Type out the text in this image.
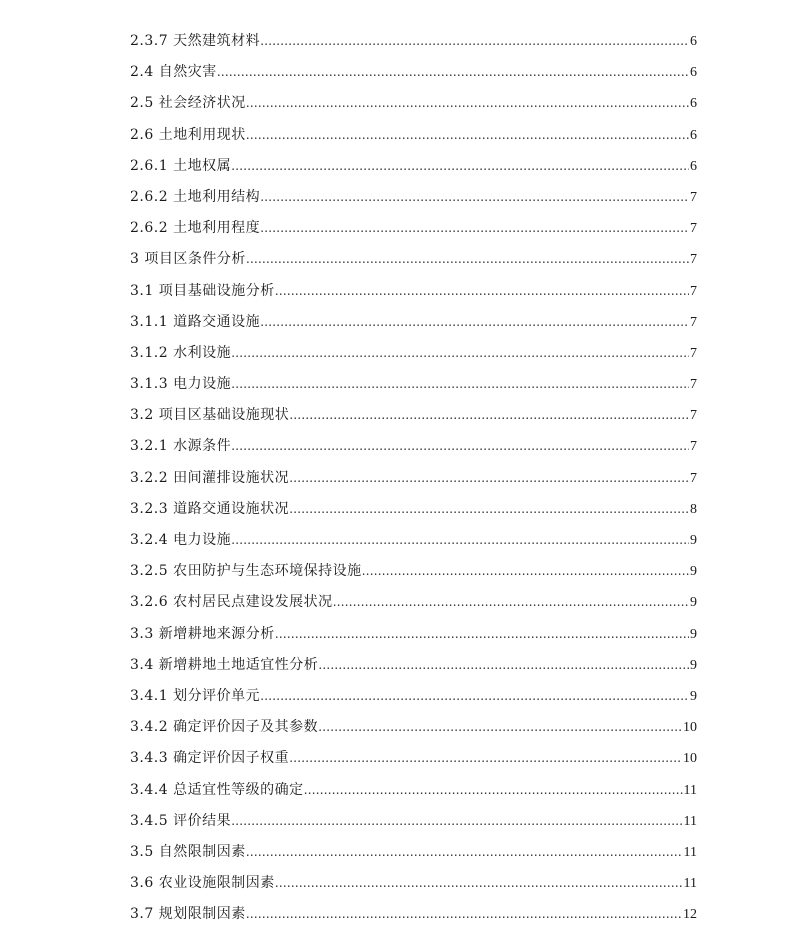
2.3.7 天然建筑材料 ………………………………………………………………………………………………………………………………………………………………………………………………………………	6
2.4 自然灾害 ………………………………………………………………………………………………………………………………………………………………………………………………………………	6
2.5 社会经济状况 ………………………………………………………………………………………………………………………………………………………………………………………………………………	6
2.6 土地利用现状 ………………………………………………………………………………………………………………………………………………………………………………………………………………	6
2.6.1 土地权属 ………………………………………………………………………………………………………………………………………………………………………………………………………………	6
2.6.2 土地利用结构 ………………………………………………………………………………………………………………………………………………………………………………………………………………	7
2.6.2 土地利用程度 ………………………………………………………………………………………………………………………………………………………………………………………………………………	7
3 项目区条件分析 ………………………………………………………………………………………………………………………………………………………………………………………………………………	7
3.1 项目基础设施分析 ………………………………………………………………………………………………………………………………………………………………………………………………………………	7
3.1.1 道路交通设施 ………………………………………………………………………………………………………………………………………………………………………………………………………………	7
3.1.2 水利设施 ………………………………………………………………………………………………………………………………………………………………………………………………………………	7
3.1.3 电力设施 ………………………………………………………………………………………………………………………………………………………………………………………………………………	7
3.2 项目区基础设施现状 ………………………………………………………………………………………………………………………………………………………………………………………………………………	7
3.2.1 水源条件 ………………………………………………………………………………………………………………………………………………………………………………………………………………	7
3.2.2 田间灌排设施状况 ………………………………………………………………………………………………………………………………………………………………………………………………………………	7
3.2.3 道路交通设施状况 ………………………………………………………………………………………………………………………………………………………………………………………………………………	8
3.2.4 电力设施 ………………………………………………………………………………………………………………………………………………………………………………………………………………	9
3.2.5 农田防护与生态环境保持设施 ………………………………………………………………………………………………………………………………………………………………………………………………………………	9
3.2.6 农村居民点建设发展状况 ………………………………………………………………………………………………………………………………………………………………………………………………………………	9
3.3 新增耕地来源分析 ………………………………………………………………………………………………………………………………………………………………………………………………………………	9
3.4 新增耕地土地适宜性分析 ………………………………………………………………………………………………………………………………………………………………………………………………………………	9
3.4.1 划分评价单元 ………………………………………………………………………………………………………………………………………………………………………………………………………………	9
3.4.2 确定评价因子及其参数 ………………………………………………………………………………………………………………………………………………………………………………………………………………	10
3.4.3 确定评价因子权重 ………………………………………………………………………………………………………………………………………………………………………………………………………………	10
3.4.4 总适宜性等级的确定 ………………………………………………………………………………………………………………………………………………………………………………………………………………	11
3.4.5 评价结果 ………………………………………………………………………………………………………………………………………………………………………………………………………………	11
3.5 自然限制因素 ………………………………………………………………………………………………………………………………………………………………………………………………………………	11
3.6 农业设施限制因素 ………………………………………………………………………………………………………………………………………………………………………………………………………………	11
3.7 规划限制因素 ………………………………………………………………………………………………………………………………………………………………………………………………………………	12
